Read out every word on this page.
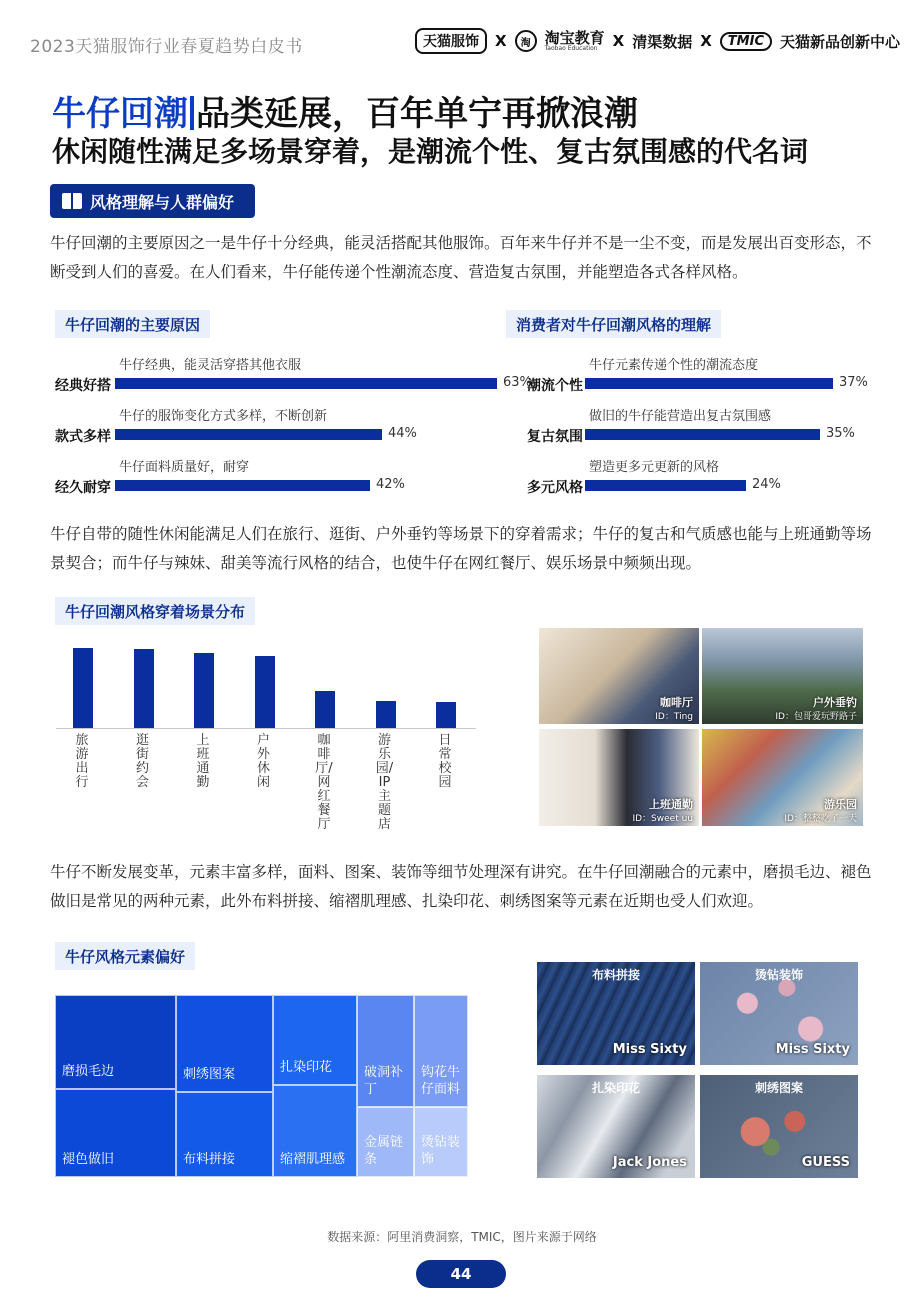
2023天猫服饰行业春夏趋势白皮书	天猫服饰	X	淘 淘宝教育
Taobao Education	X 清渠数据 X	TMIC	天猫新品创新中心
牛仔回潮 品类延展，百年单宁再掀浪潮
休闲随性满足多场景穿着，是潮流个性、复古氛围感的代名词
风格理解与人群偏好
牛仔回潮的主要原因之一是牛仔十分经典，能灵活搭配其他服饰。百年来牛仔并不是一尘不变，而是发展出百变形态，不断受到人们的喜爱。在人们看来，牛仔能传递个性潮流态度、营造复古氛围，并能塑造各式各样风格。
牛仔回潮的主要原因
经典好搭
牛仔经典，能灵活穿搭其他衣服
63%
款式多样
牛仔的服饰变化方式多样，不断创新
44%
经久耐穿
牛仔面料质量好，耐穿
42%
消费者对牛仔回潮风格的理解
潮流个性
牛仔元素传递个性的潮流态度
37%
复古氛围
做旧的牛仔能营造出复古氛围感
35%
多元风格
塑造更多元更新的风格
24%
牛仔自带的随性休闲能满足人们在旅行、逛街、户外垂钓等场景下的穿着需求；牛仔的复古和气质感也能与上班通勤等场景契合；而牛仔与辣妹、甜美等流行风格的结合，也使牛仔在网红餐厅、娱乐场景中频频出现。
牛仔回潮风格穿着场景分布
旅游出行
逛街约会
上班通勤
户外休闲
咖啡厅/网红餐厅
游乐园/IP主题店
日常校园
咖啡厅
ID：Ting
户外垂钓
ID：包哥爱玩野路子
上班通勤
ID：Sweet uu
游乐园
ID：整整吃了一天
牛仔不断发展变革，元素丰富多样，面料、图案、装饰等细节处理深有讲究。在牛仔回潮融合的元素中，磨损毛边、褪色做旧是常见的两种元素，此外布料拼接、缩褶肌理感、扎染印花、刺绣图案等元素在近期也受人们欢迎。
牛仔风格元素偏好
磨损毛边
褪色做旧
刺绣图案
布料拼接
扎染印花
缩褶肌理感
破洞补丁
钩花牛仔面料
金属链条
烫钻装饰
布料拼接
Miss Sixty
烫钻装饰
Miss Sixty
扎染印花
Jack Jones
刺绣图案
GUESS
数据来源：阿里消费洞察，TMIC，图片来源于网络
44
